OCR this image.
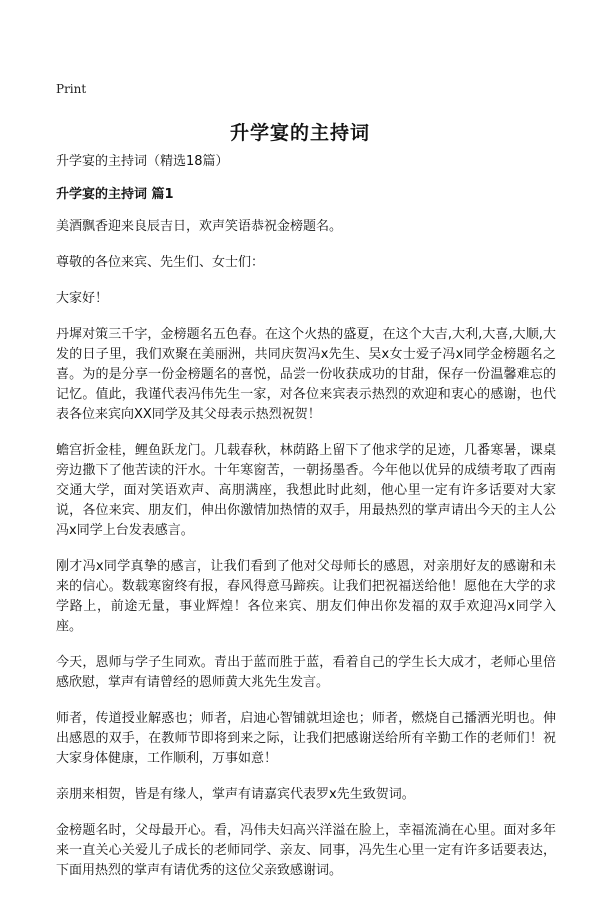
Print
升学宴的主持词

升学宴的主持词（精选18篇）

升学宴的主持词 篇1

美酒飘香迎来良辰吉日，欢声笑语恭祝金榜题名。

尊敬的各位来宾、先生们、女士们：

大家好！

丹墀对策三千字，金榜题名五色春。在这个火热的盛夏，在这个大吉,大利,大喜,大顺,大发的日子里，我们欢聚在美丽洲，共同庆贺冯x先生、吴x女士爱子冯x同学金榜题名之喜。为的是分享一份金榜题名的喜悦，品尝一份收获成功的甘甜，保存一份温馨难忘的记忆。值此，我谨代表冯伟先生一家，对各位来宾表示热烈的欢迎和衷心的感谢，也代表各位来宾向XX同学及其父母表示热烈祝贺！

蟾宫折金桂，鲤鱼跃龙门。几载春秋，林荫路上留下了他求学的足迹，几番寒暑，课桌旁边撒下了他苦读的汗水。十年寒窗苦，一朝扬墨香。今年他以优异的成绩考取了西南交通大学，面对笑语欢声、高朋满座，我想此时此刻，他心里一定有许多话要对大家说，各位来宾、朋友们，伸出你激情加热情的双手，用最热烈的掌声请出今天的主人公冯x同学上台发表感言。

刚才冯x同学真挚的感言，让我们看到了他对父母师长的感恩，对亲朋好友的感谢和未来的信心。数载寒窗终有报，春风得意马蹄疾。让我们把祝福送给他！愿他在大学的求学路上，前途无量，事业辉煌！各位来宾、朋友们伸出你发福的双手欢迎冯x同学入座。

今天，恩师与学子生同欢。青出于蓝而胜于蓝，看着自己的学生长大成才，老师心里倍感欣慰，掌声有请曾经的恩师黄大兆先生发言。

师者，传道授业解惑也；师者，启迪心智铺就坦途也；师者，燃烧自己播洒光明也。伸出感恩的双手，在教师节即将到来之际，让我们把感谢送给所有辛勤工作的老师们！祝大家身体健康，工作顺利，万事如意！

亲朋来相贺，皆是有缘人，掌声有请嘉宾代表罗x先生致贺词。

金榜题名时，父母最开心。看，冯伟夫妇高兴洋溢在脸上，幸福流淌在心里。面对多年来一直关心关爱儿子成长的老师同学、亲友、同事，冯先生心里一定有许多话要表达，下面用热烈的掌声有请优秀的这位父亲致感谢词。
